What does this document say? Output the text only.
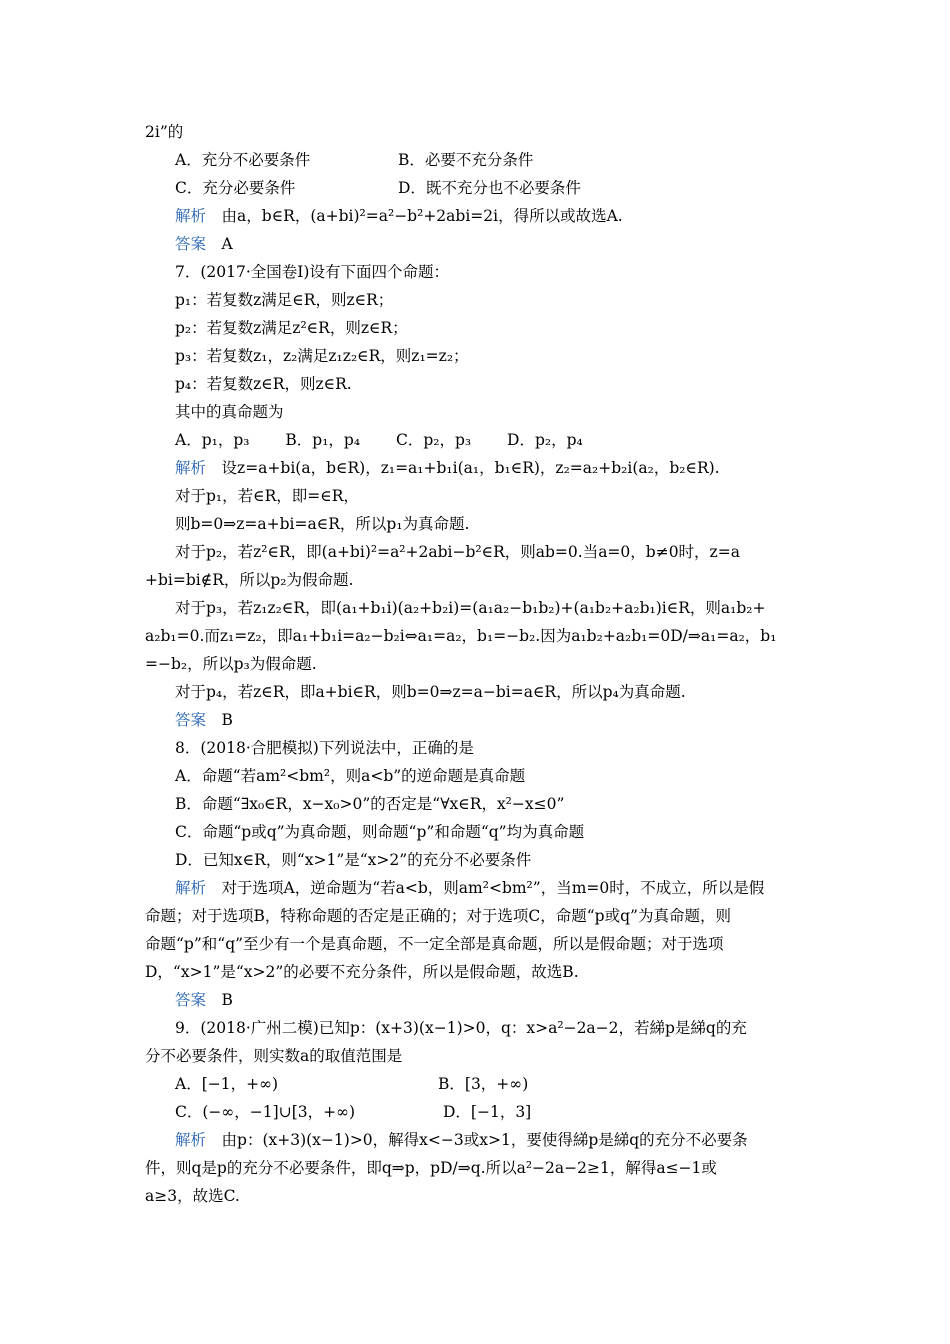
2i”的
A．充分不必要条件	B．必要不充分条件
C．充分必要条件	D．既不充分也不必要条件
解析　 由a，b∈R，(a+bi)²=a²−b²+2abi=2i，得所以或故选A.
答案　 A
7．(2017·全国卷Ⅰ)设有下面四个命题：
p₁：若复数z满足∈R，则z∈R；
p₂：若复数z满足z²∈R，则z∈R；
p₃：若复数z₁，z₂满足z₁z₂∈R，则z₁=z₂；
p₄：若复数z∈R，则z∈R.
其中的真命题为
A．p₁，p₃　　 B．p₁，p₄　　 C．p₂，p₃　　 D．p₂，p₄
解析　 设z=a+bi(a，b∈R)，z₁=a₁+b₁i(a₁，b₁∈R)，z₂=a₂+b₂i(a₂，b₂∈R).
对于p₁，若∈R，即=∈R，
则b=0⇒z=a+bi=a∈R，所以p₁为真命题.
对于p₂，若z²∈R，即(a+bi)²=a²+2abi−b²∈R，则ab=0.当a=0，b≠0时，z=a
+bi=bi∉R，所以p₂为假命题.
对于p₃，若z₁z₂∈R，即(a₁+b₁i)(a₂+b₂i)=(a₁a₂−b₁b₂)+(a₁b₂+a₂b₁)i∈R，则a₁b₂+
a₂b₁=0.而z₁=z₂，即a₁+b₁i=a₂−b₂i⇔a₁=a₂，b₁=−b₂.因为a₁b₂+a₂b₁=0D/⇒a₁=a₂，b₁
=−b₂，所以p₃为假命题.
对于p₄，若z∈R，即a+bi∈R，则b=0⇒z=a−bi=a∈R，所以p₄为真命题.
答案　 B
8．(2018·合肥模拟)下列说法中，正确的是
A．命题“若am²<bm²，则a<b”的逆命题是真命题
B．命题“∃x₀∈R，x−x₀>0”的否定是“∀x∈R，x²−x≤0”
C．命题“p或q”为真命题，则命题“p”和命题“q”均为真命题
D．已知x∈R，则“x>1”是“x>2”的充分不必要条件
解析　 对于选项A，逆命题为“若a<b，则am²<bm²”，当m=0时，不成立，所以是假
命题；对于选项B，特称命题的否定是正确的；对于选项C，命题“p或q”为真命题，则
命题“p”和“q”至少有一个是真命题，不一定全部是真命题，所以是假命题；对于选项
D，“x>1”是“x>2”的必要不充分条件，所以是假命题，故选B.
答案　 B
9．(2018·广州二模)已知p：(x+3)(x−1)>0，q：x>a²−2a−2，若綈p是綈q的充
分不必要条件，则实数a的取值范围是
A．[−1，+∞)	B．[3，+∞)
C．(−∞，−1]∪[3，+∞)	D．[−1，3]
解析　 由p：(x+3)(x−1)>0，解得x<−3或x>1，要使得綈p是綈q的充分不必要条
件，则q是p的充分不必要条件，即q⇒p，pD/⇒q.所以a²−2a−2≥1，解得a≤−1或
a≥3，故选C.
